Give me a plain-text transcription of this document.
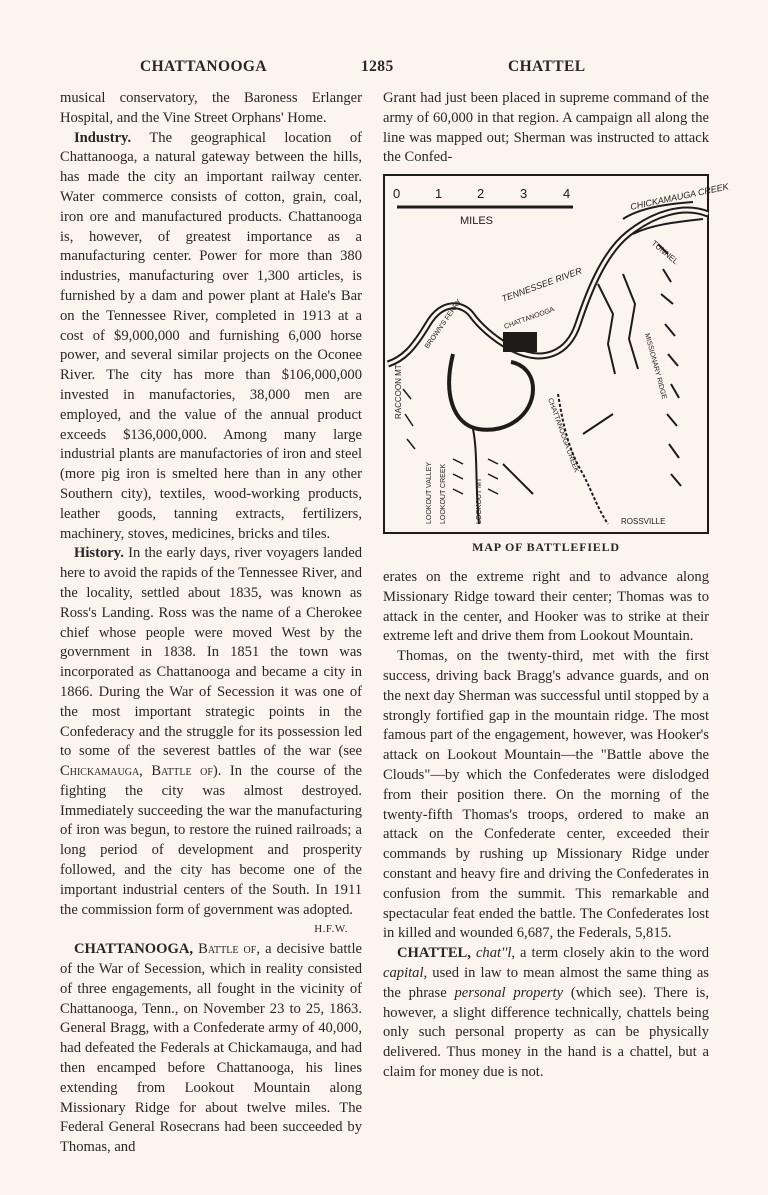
CHATTANOOGA	1285	CHATTEL

musical conservatory, the Baroness Erlanger Hospital, and the Vine Street Orphans' Home.

Industry. The geographical location of Chattanooga, a natural gateway between the hills, has made the city an important railway center. Water commerce consists of cotton, grain, coal, iron ore and manufactured products. Chattanooga is, however, of greatest importance as a manufacturing center. Power for more than 380 industries, manufacturing over 1,300 articles, is furnished by a dam and power plant at Hale's Bar on the Tennessee River, completed in 1913 at a cost of $9,000,000 and furnishing 6,000 horse power, and several similar projects on the Oconee River. The city has more than $106,000,000 invested in manufactories, 38,000 men are employed, and the value of the annual product exceeds $136,000,000. Among many large industrial plants are manufactories of iron and steel (more pig iron is smelted here than in any other Southern city), textiles, wood-working products, leather goods, tanning extracts, fertilizers, machinery, stoves, medicines, bricks and tiles.

History. In the early days, river voyagers landed here to avoid the rapids of the Tennessee River, and the locality, settled about 1835, was known as Ross's Landing. Ross was the name of a Cherokee chief whose people were moved West by the government in 1838. In 1851 the town was incorporated as Chattanooga and became a city in 1866. During the War of Secession it was one of the most important strategic points in the Confederacy and the struggle for its possession led to some of the severest battles of the war (see Chickamauga, Battle of). In the course of the fighting the city was almost destroyed. Immediately succeeding the war the manufacturing of iron was begun, to restore the ruined railroads; a long period of development and prosperity followed, and the city has become one of the important industrial centers of the South. In 1911 the commission form of government was adopted.
H.F.W.

CHATTANOOGA, Battle of, a decisive battle of the War of Secession, which in reality consisted of three engagements, all fought in the vicinity of Chattanooga, Tenn., on November 23 to 25, 1863. General Bragg, with a Confederate army of 40,000, had defeated the Federals at Chickamauga, and had then encamped before Chattanooga, his lines extending from Lookout Mountain along Missionary Ridge for about twelve miles. The Federal General Rosecrans had been succeeded by Thomas, and

Grant had just been placed in supreme command of the army of 60,000 in that region. A campaign all along the line was mapped out; Sherman was instructed to attack the Confed-

0	1	2	3	4
MILES
CHICKAMAUGA CREEK
TUNNEL
TENNESSEE RIVER
CHATTANOOGA
BROWN'S FERRY
RACCOON MT
LOOKOUT VALLEY LOOKOUT CREEK	LOOKOUT MT
MISSIONARY RIDGE
CHATTANOOGA CREEK
ROSSVILLE
MAP OF BATTLEFIELD

erates on the extreme right and to advance along Missionary Ridge toward their center; Thomas was to attack in the center, and Hooker was to strike at their extreme left and drive them from Lookout Mountain.

Thomas, on the twenty-third, met with the first success, driving back Bragg's advance guards, and on the next day Sherman was successful until stopped by a strongly fortified gap in the mountain ridge. The most famous part of the engagement, however, was Hooker's attack on Lookout Mountain—the "Battle above the Clouds"—by which the Confederates were dislodged from their position there. On the morning of the twenty-fifth Thomas's troops, ordered to make an attack on the Confederate center, exceeded their commands by rushing up Missionary Ridge under constant and heavy fire and driving the Confederates in confusion from the summit. This remarkable and spectacular feat ended the battle. The Confederates lost in killed and wounded 6,687, the Federals, 5,815.

CHATTEL, chat''l, a term closely akin to the word capital, used in law to mean almost the same thing as the phrase personal property (which see). There is, however, a slight difference technically, chattels being only such personal property as can be physically delivered. Thus money in the hand is a chattel, but a claim for money due is not.
